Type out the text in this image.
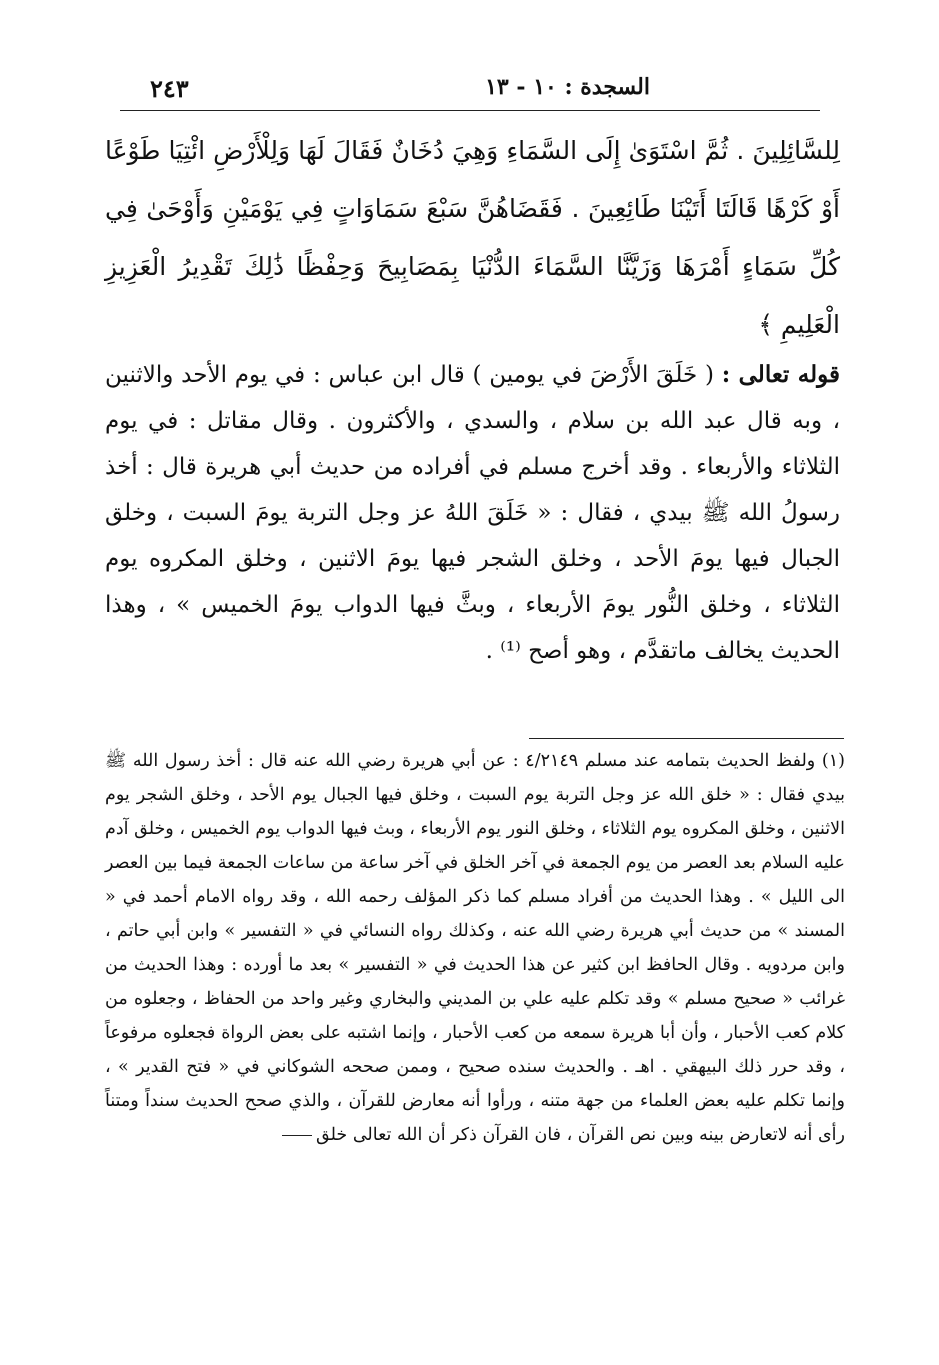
السجدة : ١٠ - ١٣
٢٤٣

لِلسَّائِلِينَ . ثُمَّ اسْتَوَىٰ إِلَى السَّمَاءِ وَهِيَ دُخَانٌ فَقَالَ لَهَا وَلِلْأَرْضِ ائْتِيَا طَوْعًا أَوْ كَرْهًا قَالَتَا أَتَيْنَا طَائِعِينَ . فَقَضَاهُنَّ سَبْعَ سَمَاوَاتٍ فِي يَوْمَيْنِ وَأَوْحَىٰ فِي كُلِّ سَمَاءٍ أَمْرَهَا وَزَيَّنَّا السَّمَاءَ الدُّنْيَا بِمَصَابِيحَ وَحِفْظًا ذَٰلِكَ تَقْدِيرُ الْعَزِيزِ الْعَلِيمِ ﴾

قوله تعالى : ( خَلَقَ الأَرْضَ في يومين ) قال ابن عباس : في يوم الأحد والاثنين ، وبه قال عبد الله بن سلام ، والسدي ، والأكثرون . وقال مقاتل : في يوم الثلاثاء والأربعاء . وقد أخرج مسلم في أفراده من حديث أبي هريرة قال : أخذ رسولُ الله ﷺ بيدي ، فقال : « خَلَقَ اللهُ عز وجل التربة يومَ السبت ، وخلق الجبال فيها يومَ الأحد ، وخلق الشجر فيها يومَ الاثنين ، وخلق المكروه يوم الثلاثاء ، وخلق النُّور يومَ الأربعاء ، وبثَّ فيها الدواب يومَ الخميس » ، وهذا الحديث يخالف ماتقدَّم ، وهو أصح ⁽¹⁾ .

(١) ولفظ الحديث بتمامه عند مسلم ٤/٢١٤٩ : عن أبي هريرة رضي الله عنه قال : أخذ رسول الله ﷺ بيدي فقال : « خلق الله عز وجل التربة يوم السبت ، وخلق فيها الجبال يوم الأحد ، وخلق الشجر يوم الاثنين ، وخلق المكروه يوم الثلاثاء ، وخلق النور يوم الأربعاء ، وبث فيها الدواب يوم الخميس ، وخلق آدم عليه السلام بعد العصر من يوم الجمعة في آخر الخلق في آخر ساعة من ساعات الجمعة فيما بين العصر الى الليل » . وهذا الحديث من أفراد مسلم كما ذكر المؤلف رحمه الله ، وقد رواه الامام أحمد في « المسند » من حديث أبي هريرة رضي الله عنه ، وكذلك رواه النسائي في « التفسير » وابن أبي حاتم ، وابن مردويه . وقال الحافظ ابن كثير عن هذا الحديث في « التفسير » بعد ما أورده : وهذا الحديث من غرائب « صحيح مسلم » وقد تكلم عليه علي بن المديني والبخاري وغير واحد من الحفاظ ، وجعلوه من كلام كعب الأحبار ، وأن أبا هريرة سمعه من كعب الأحبار ، وإنما اشتبه على بعض الرواة فجعلوه مرفوعاً ، وقد حرر ذلك البيهقي . اهـ . والحديث سنده صحيح ، وممن صححه الشوكاني في « فتح القدير » ، وإنما تكلم عليه بعض العلماء من جهة متنه ، ورأوا أنه معارض للقرآن ، والذي صحح الحديث سنداً ومتناً رأى أنه لاتعارض بينه وبين نص القرآن ، فان القرآن ذكر أن الله تعالى خلق
